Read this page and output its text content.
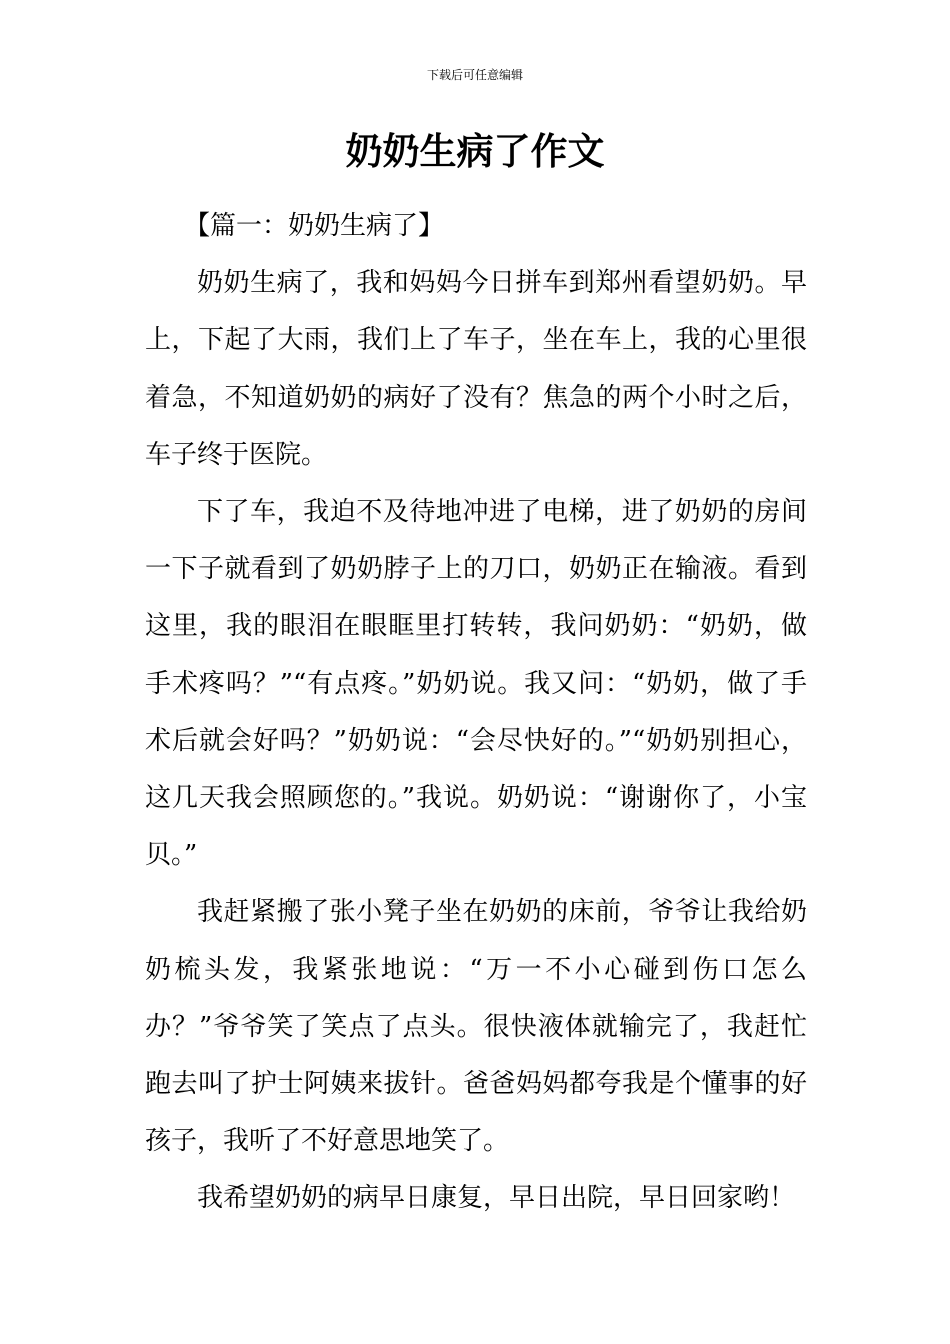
下载后可任意编辑
奶奶生病了作文

【篇一：奶奶生病了】

奶奶生病了，我和妈妈今日拼车到郑州看望奶奶。早上，下起了大雨，我们上了车子，坐在车上，我的心里很着急，不知道奶奶的病好了没有？焦急的两个小时之后，车子终于医院。

下了车，我迫不及待地冲进了电梯，进了奶奶的房间一下子就看到了奶奶脖子上的刀口，奶奶正在输液。看到这里，我的眼泪在眼眶里打转转，我问奶奶：“奶奶，做手术疼吗？”“有点疼。”奶奶说。我又问：“奶奶，做了手术后就会好吗？”奶奶说：“会尽快好的。”“奶奶别担心，这几天我会照顾您的。”我说。奶奶说：“谢谢你了，小宝贝。”

我赶紧搬了张小凳子坐在奶奶的床前，爷爷让我给奶奶梳头发，我紧张地说：“万一不小心碰到伤口怎么办？”爷爷笑了笑点了点头。很快液体就输完了，我赶忙跑去叫了护士阿姨来拔针。爸爸妈妈都夸我是个懂事的好孩子，我听了不好意思地笑了。

我希望奶奶的病早日康复，早日出院，早日回家哟！
